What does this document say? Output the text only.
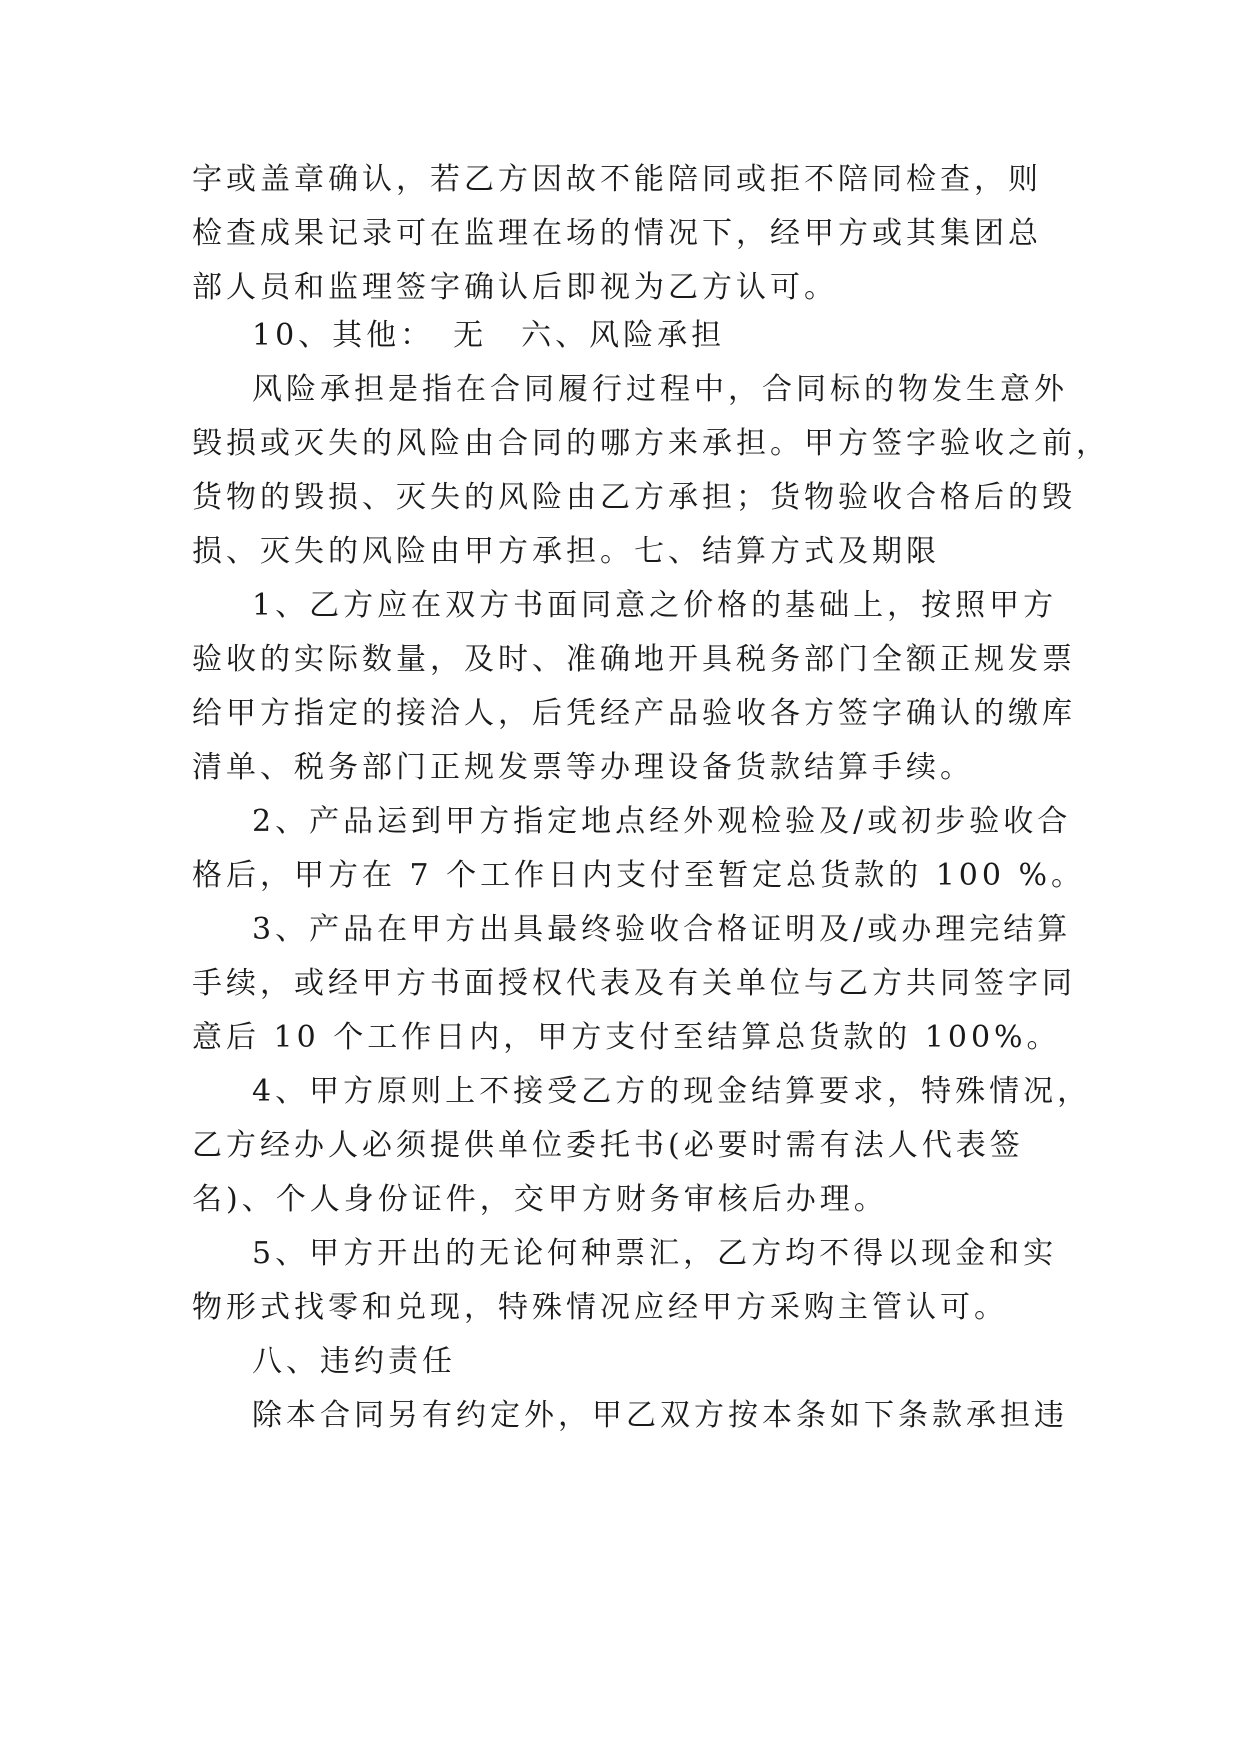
字或盖章确认，若乙方因故不能陪同或拒不陪同检查，则
检查成果记录可在监理在场的情况下，经甲方或其集团总
部人员和监理签字确认后即视为乙方认可。
10、其他：　无　六、风险承担
风险承担是指在合同履行过程中，合同标的物发生意外
毁损或灭失的风险由合同的哪方来承担。甲方签字验收之前，
货物的毁损、灭失的风险由乙方承担；货物验收合格后的毁
损、灭失的风险由甲方承担。七、结算方式及期限
1、乙方应在双方书面同意之价格的基础上，按照甲方
验收的实际数量，及时、准确地开具税务部门全额正规发票
给甲方指定的接洽人，后凭经产品验收各方签字确认的缴库
清单、税务部门正规发票等办理设备货款结算手续。
2、产品运到甲方指定地点经外观检验及/或初步验收合
格后，甲方在 7 个工作日内支付至暂定总货款的 100 %。
3、产品在甲方出具最终验收合格证明及/或办理完结算
手续，或经甲方书面授权代表及有关单位与乙方共同签字同
意后 10 个工作日内，甲方支付至结算总货款的 100%。
4、甲方原则上不接受乙方的现金结算要求，特殊情况，
乙方经办人必须提供单位委托书(必要时需有法人代表签
名)、个人身份证件，交甲方财务审核后办理。
5、甲方开出的无论何种票汇，乙方均不得以现金和实
物形式找零和兑现，特殊情况应经甲方采购主管认可。
八、违约责任
除本合同另有约定外，甲乙双方按本条如下条款承担违
